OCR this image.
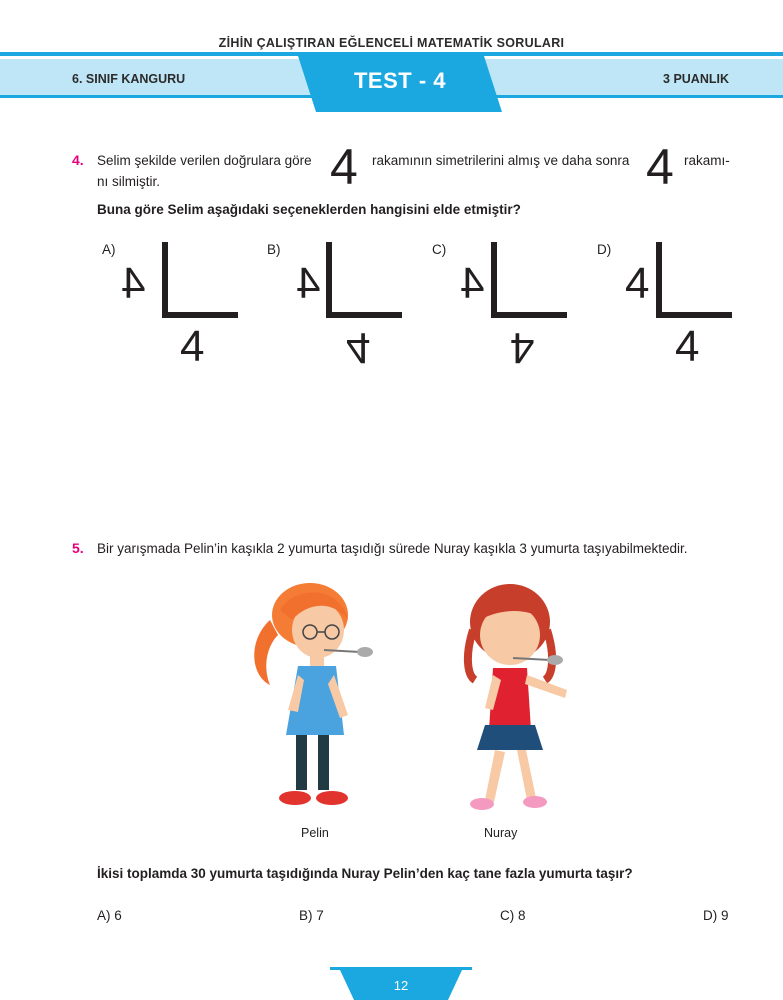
ZİHİN ÇALIŞTIRAN EĞLENCELİ MATEMATİK SORULARI
6. SINIF KANGURU	3 PUANLIK
TEST - 4
4. Selim şekilde verilen doğrulara göre 4 rakamının simetrilerini almış ve daha sonra 4 rakamı-
nı silmiştir.
Buna göre Selim aşağıdaki seçeneklerden hangisini elde etmiştir?
A)
4
4
B)
4
4
C)
4
4
D)
4
4
5. Bir yarışmada Pelin’in kaşıkla 2 yumurta taşıdığı sürede Nuray kaşıkla 3 yumurta taşıyabilmektedir.
Pelin	Nuray
İkisi toplamda 30 yumurta taşıdığında Nuray Pelin’den kaç tane fazla yumurta taşır?
A) 6	B) 7	C) 8	D) 9
12
